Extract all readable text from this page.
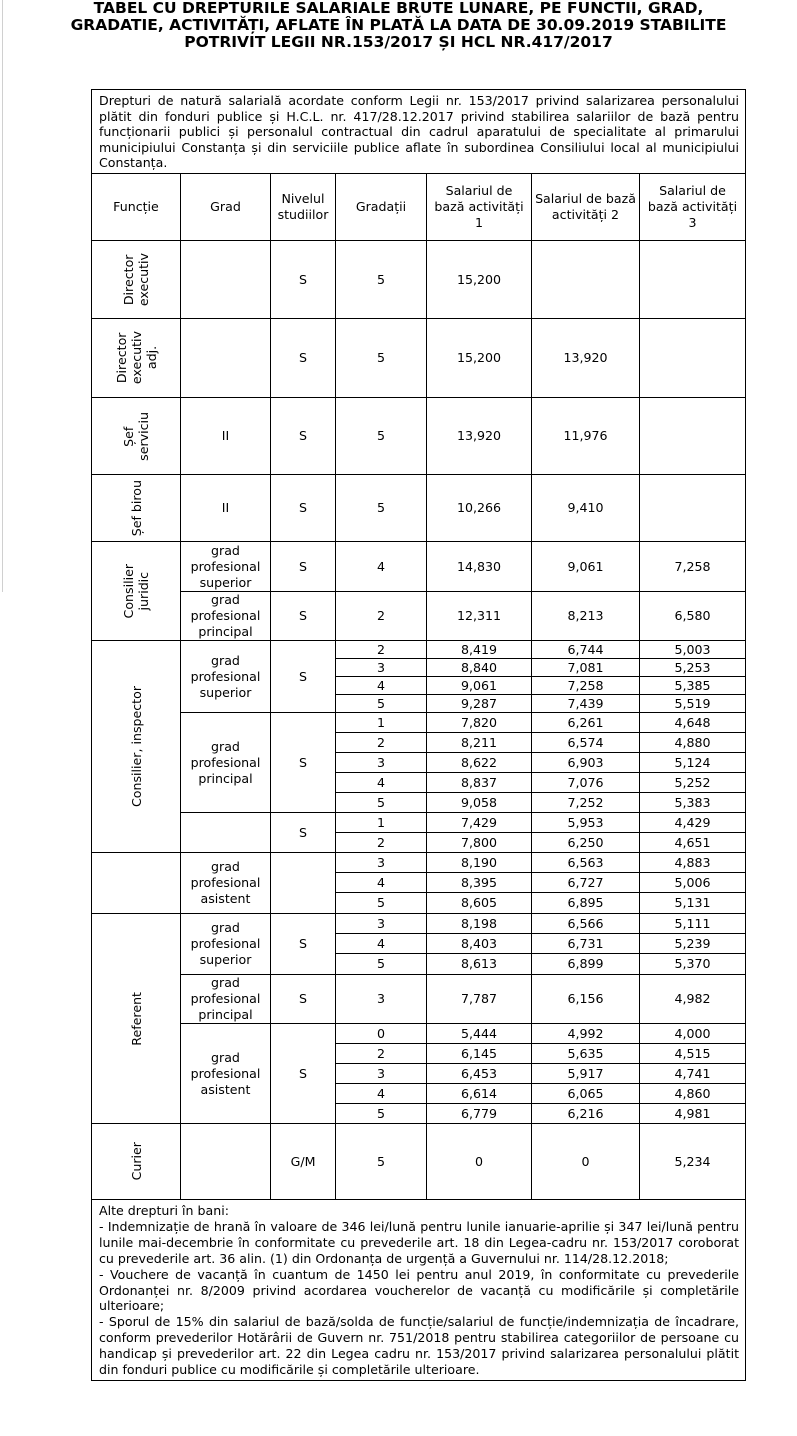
TABEL CU DREPTURILE SALARIALE BRUTE LUNARE, PE FUNCTII, GRAD,
GRADATIE, ACTIVITĂȚI, AFLATE ÎN PLATĂ LA DATA DE 30.09.2019 STABILITE
POTRIVIT LEGII NR.153/2017 ȘI HCL NR.417/2017
Drepturi de natură salarială acordate conform Legii nr. 153/2017 privind salarizarea personalului plătit din fonduri publice și H.C.L. nr. 417/28.12.2017 privind stabilirea salariilor de bază pentru funcționarii publici și personalul contractual din cadrul aparatului de specialitate al primarului municipiului Constanța și din serviciile publice aflate în subordinea Consiliului local al municipiului Constanța.						
Funcție	Grad	Nivelul studiilor	Gradații	Salariul de bază activități 1	Salariul de bază activități 2	Salariul de bază activități 3

Director
executiv		S	5	15,200		

Director
executiv
adj.		S	5	15,200	13,920	

Șef
serviciu	II	S	5	13,920	11,976	

Șef birou	II	S	5	10,266	9,410	

Consilier
juridic	grad profesional superior	S	4	14,830	9,061	7,258
	grad profesional principal	S	2	12,311	8,213	6,580

Consilier, inspector	grad profesional superior	S	2	8,419	6,744	5,003
			3	8,840	7,081	5,253
			4	9,061	7,258	5,385
			5	9,287	7,439	5,519
	grad profesional principal	S	1	7,820	6,261	4,648
			2	8,211	6,574	4,880
			3	8,622	6,903	5,124
			4	8,837	7,076	5,252
			5	9,058	7,252	5,383
		S	1	7,429	5,953	4,429
			2	7,800	6,250	4,651
	grad profesional asistent		3	8,190	6,563	4,883
			4	8,395	6,727	5,006
			5	8,605	6,895	5,131

Referent	grad profesional superior	S	3	8,198	6,566	5,111
			4	8,403	6,731	5,239
			5	8,613	6,899	5,370
	grad profesional principal	S	3	7,787	6,156	4,982
	grad profesional asistent	S	0	5,444	4,992	4,000
			2	6,145	5,635	4,515
			3	6,453	5,917	4,741
			4	6,614	6,065	4,860
			5	6,779	6,216	4,981

Curier		G/M	5	0	0	5,234

Alte drepturi în bani:

- Indemnizație de hrană în valoare de 346 lei/lună pentru lunile ianuarie-aprilie și 347 lei/lună pentru lunile mai-decembrie în conformitate cu prevederile art. 18 din Legea-cadru nr. 153/2017 coroborat cu prevederile art. 36 alin. (1) din Ordonanța de urgență a Guvernului nr. 114/28.12.2018;

- Vouchere de vacanță în cuantum de 1450 lei pentru anul 2019, în conformitate cu prevederile Ordonanței nr. 8/2009 privind acordarea voucherelor de vacanță cu modificările și completările ulterioare;

- Sporul de 15% din salariul de bază/solda de funcție/salariul de funcție/indemnizația de încadrare, conform prevederilor Hotărârii de Guvern nr. 751/2018 pentru stabilirea categoriilor de persoane cu handicap și prevederilor art. 22 din Legea cadru nr. 153/2017 privind salarizarea personalului plătit din fonduri publice cu modificările și completările ulterioare.						
